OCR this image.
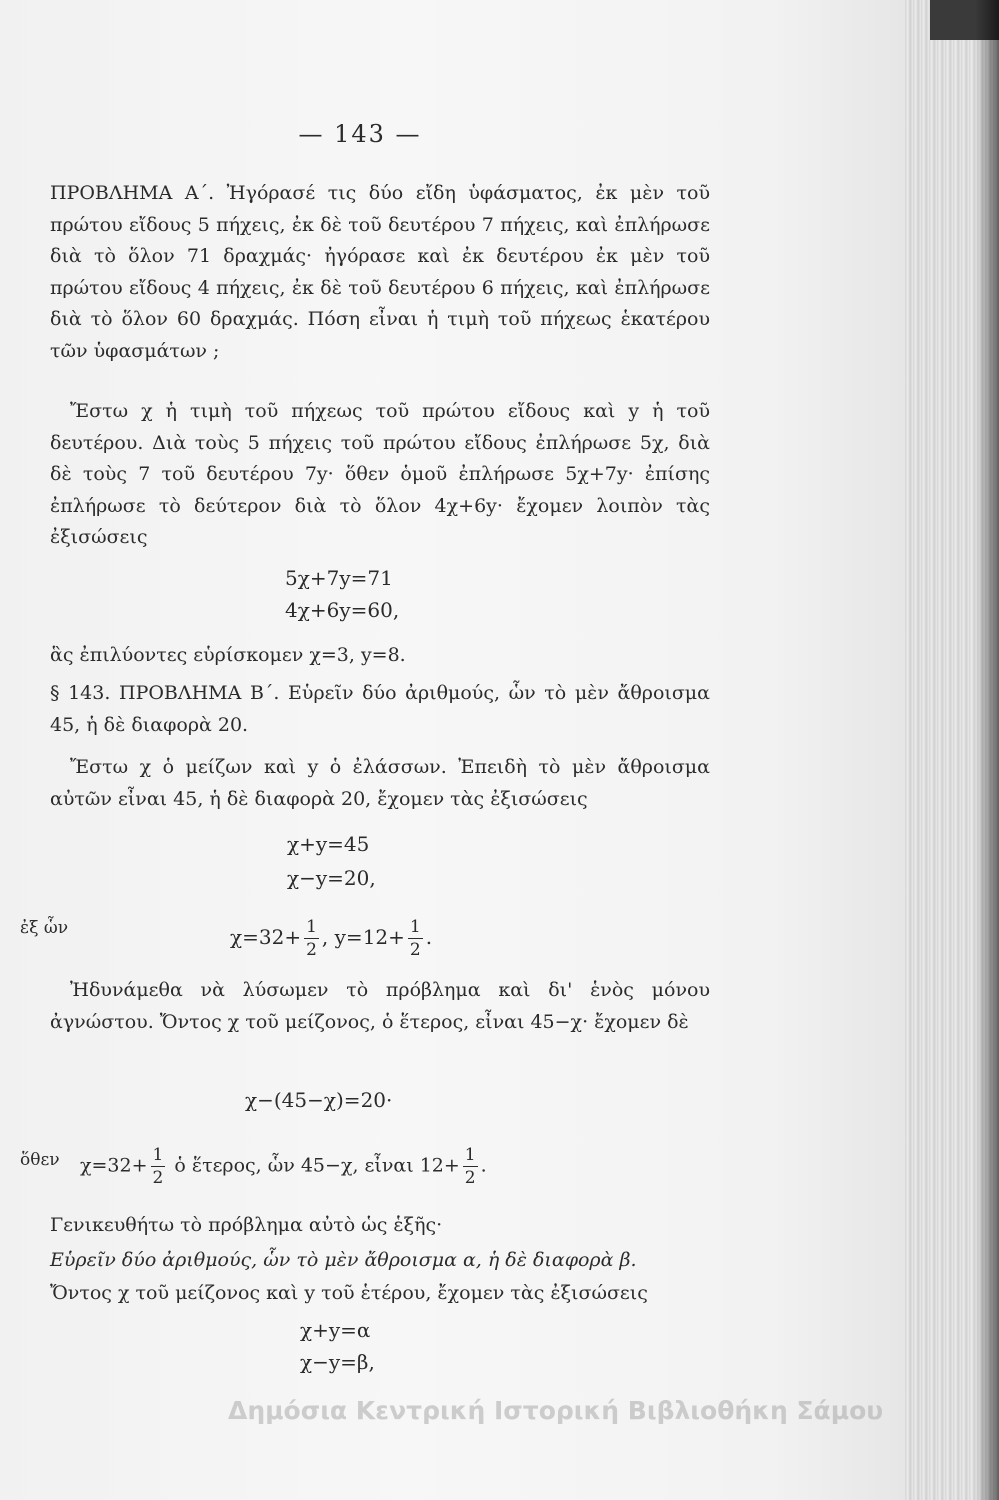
— 143 —

ΠΡΟΒΛΗΜΑ Α΄. Ἠγόρασέ τις δύο εἴδη ὑφάσματος, ἐκ μὲν τοῦ πρώτου εἴδους 5 πήχεις, ἐκ δὲ τοῦ δευτέρου 7 πήχεις, καὶ ἐπλήρωσε διὰ τὸ ὅλον 71 δραχμάς· ἠγόρασε καὶ ἐκ δευτέρου ἐκ μὲν τοῦ πρώτου εἴδους 4 πήχεις, ἐκ δὲ τοῦ δευτέρου 6 πήχεις, καὶ ἐπλήρωσε διὰ τὸ ὅλον 60 δραχμάς. Πόση εἶναι ἡ τιμὴ τοῦ πήχεως ἑκατέρου τῶν ὑφασμάτων ;

Ἔστω χ ἡ τιμὴ τοῦ πήχεως τοῦ πρώτου εἴδους καὶ y ἡ τοῦ δευτέρου. Διὰ τοὺς 5 πήχεις τοῦ πρώτου εἴδους ἐπλήρωσε 5χ, διὰ δὲ τοὺς 7 τοῦ δευτέρου 7y· ὅθεν ὁμοῦ ἐπλήρωσε 5χ+7y· ἐπίσης ἐπλήρωσε τὸ δεύτερον διὰ τὸ ὅλον 4χ+6y· ἔχομεν λοιπὸν τὰς ἐξισώσεις

5χ+7y=71
4χ+6y=60,

ἃς ἐπιλύοντες εὑρίσκομεν χ=3, y=8.

§ 143. ΠΡΟΒΛΗΜΑ Β΄. Εὑρεῖν δύο ἀριθμούς, ὧν τὸ μὲν ἄθροισμα 45, ἡ δὲ διαφορὰ 20.

Ἔστω χ ὁ μείζων καὶ y ὁ ἐλάσσων. Ἐπειδὴ τὸ μὲν ἄθροισμα αὐτῶν εἶναι 45, ἡ δὲ διαφορὰ 20, ἔχομεν τὰς ἐξισώσεις

χ+y=45
χ−y=20,
ἐξ ὧν	$\chi=32+ \frac{1}{2}$ , $y=12+ \frac{1}{2}$ .

Ἠδυνάμεθα νὰ λύσωμεν τὸ πρόβλημα καὶ δι' ἑνὸς μόνου ἀγνώστου. Ὄντος χ τοῦ μείζονος, ὁ ἕτερος, εἶναι 45−χ· ἔχομεν δὲ

χ−(45−χ)=20·
ὅθεν $\chi=32+ \frac{1}{2}$ ὁ ἕτερος, ὧν 45−χ, εἶναι $12+ \frac{1}{2}$ .

Γενικευθήτω τὸ πρόβλημα αὐτὸ ὡς ἑξῆς·

Εὑρεῖν δύο ἀριθμούς, ὧν τὸ μὲν ἄθροισμα α, ἡ δὲ διαφορὰ β.

Ὄντος χ τοῦ μείζονος καὶ y τοῦ ἑτέρου, ἔχομεν τὰς ἐξισώσεις

χ+y=α
χ−y=β,
Δημόσια Κεντρική Ιστορική Βιβλιοθήκη Σάμου
